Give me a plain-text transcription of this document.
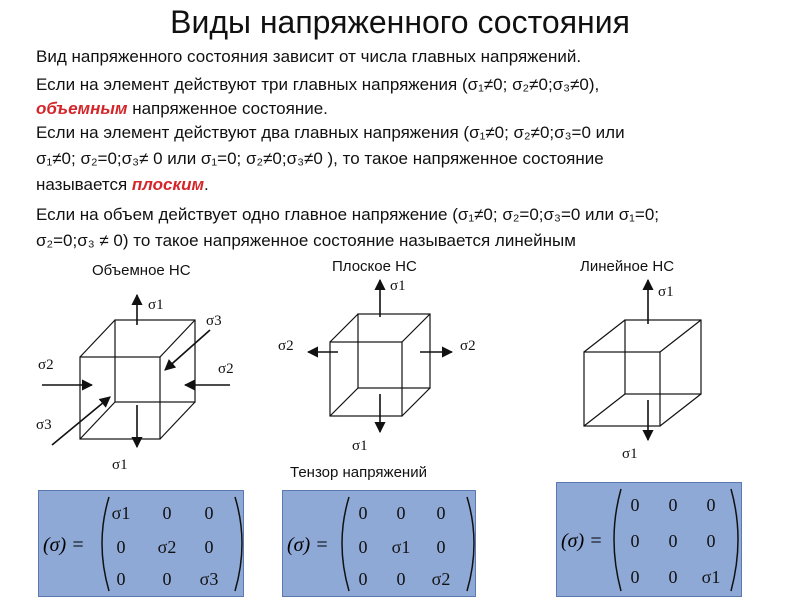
Виды напряженного состояния
Вид напряженного состояния зависит от числа главных напряжений.
Если на элемент действуют три главных напряжения (σ₁≠0; σ₂≠0;σ₃≠0),
объемным напряженное состояние.
Если на элемент действуют два главных напряжения (σ₁≠0; σ₂≠0;σ₃=0 или
σ₁≠0; σ₂=0;σ₃≠ 0 или σ₁=0; σ₂≠0;σ₃≠0 ), то такое напряженное состояние
называется плоским.
Если на объем действует одно главное напряжение (σ₁≠0; σ₂=0;σ₃=0 или σ₁=0;
σ₂=0;σ₃ ≠ 0) то такое напряженное состояние называется линейным
Объемное НС	Плоское НС	Линейное НС
Тензор напряжений
σ1
σ3
σ2	σ2
σ3
σ1
σ1
σ2	σ2
σ1
σ1
σ1
(σ) =
σ1 0 0
0 σ2 0
0 0 σ3
(σ) =
0 0 0
0 σ1 0
0 0 σ2
(σ) =
0 0 0
0 0 0
0 0 σ1
